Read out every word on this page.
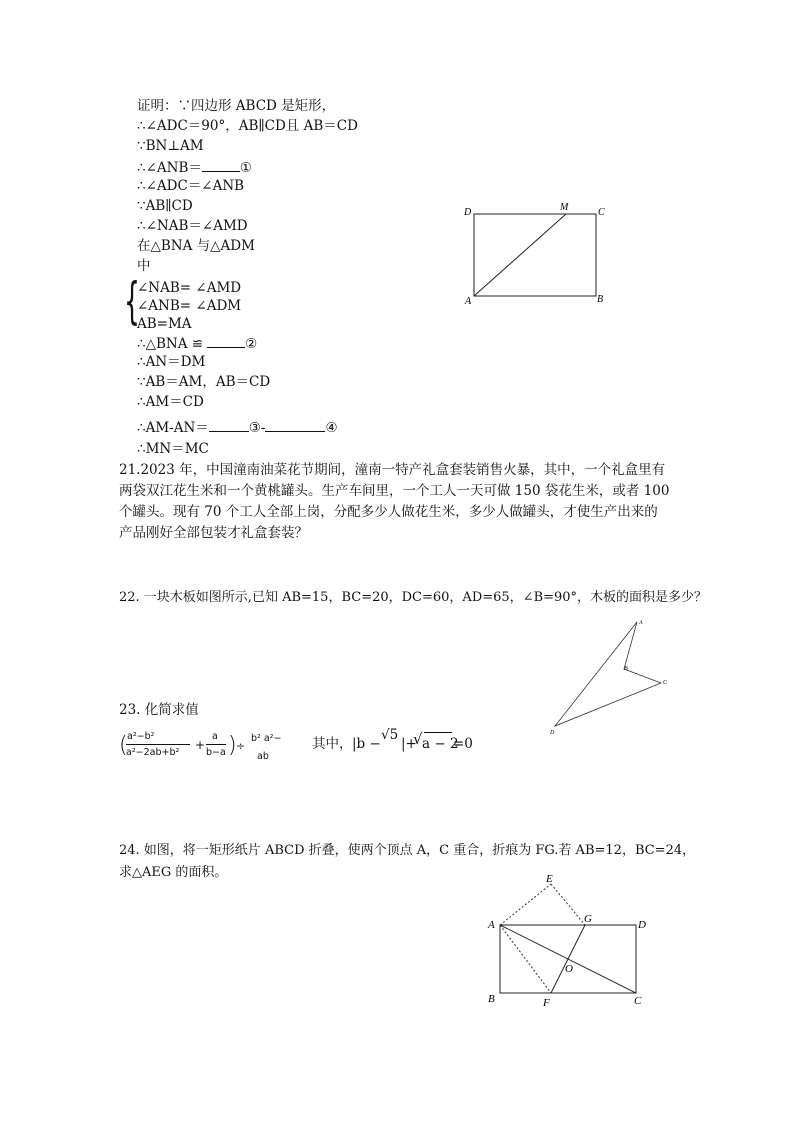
证明：∵四边形 ABCD 是矩形，
∴∠ADC＝90°，AB∥CD且 AB＝CD
∵BN⊥AM
∴∠ANB＝	①
∴∠ADC＝∠ANB
∵AB∥CD
∴∠NAB＝∠AMD
在△BNA 与△ADM
中
{
∠NAB= ∠AMD
∠ANB= ∠ADM
AB=MA
∴△BNA ≌	②
∴AN＝DM
∵AB＝AM，AB＝CD
∴AM＝CD
∴AM-AN＝	③-	④
∴MN＝MC
D	M	C
A	B
21.2023 年，中国潼南油菜花节期间，潼南一特产礼盒套装销售火暴，其中，一个礼盒里有
两袋双江花生米和一个黄桃罐头。生产车间里，一个工人一天可做 150 袋花生米，或者 100
个罐头。现有 70 个工人全部上岗，分配多少人做花生米，多少人做罐头，才使生产出来的
产品刚好全部包装才礼盒套装？
22. 一块木板如图所示,已知 AB=15，BC=20，DC=60，AD=65，∠B=90°，木板的面积是多少？
A
B
C
D
23. 化简求值
( a²−b²
a²−2ab+b²
+
a
b−a ) ÷
b² a²−
ab
其中， |b −
√5
|+
√ a − 2
=0
24. 如图，将一矩形纸片 ABCD 折叠，使两个顶点 A，C 重合，折痕为 FG.若 AB=12，BC=24，
求△AEG 的面积。	E
A	G	D
O
B	F	C
